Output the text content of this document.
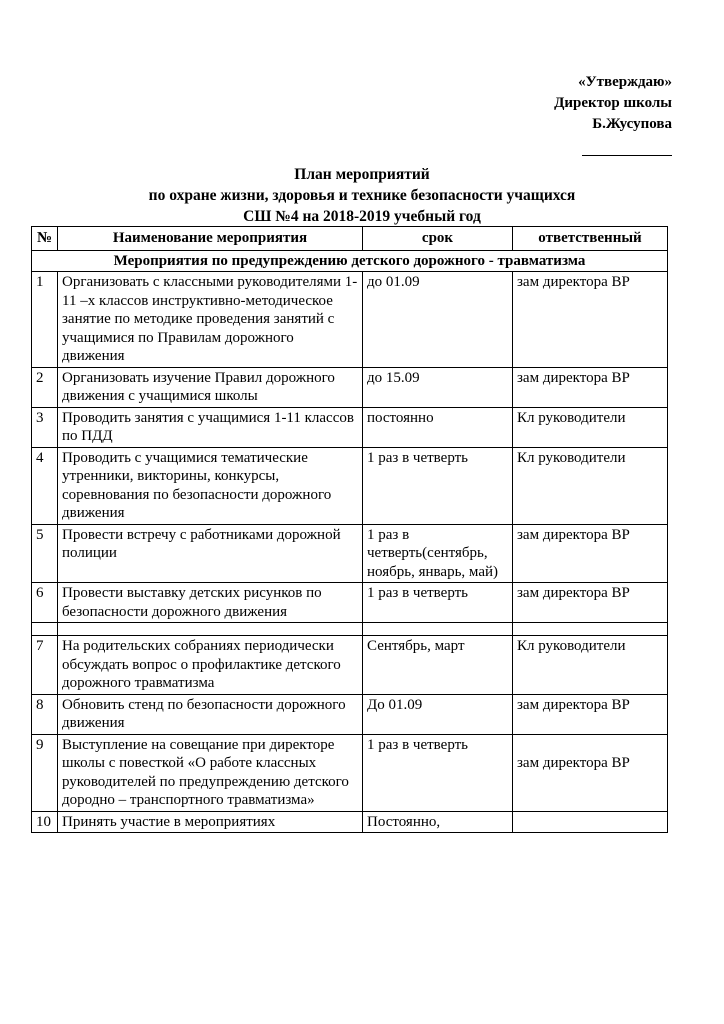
«Утверждаю»
Директор школы
Б.Жусупова
План мероприятий
по охране жизни, здоровья и технике безопасности учащихся
СШ №4 на 2018-2019 учебный год
№	Наименование мероприятия	срок	ответственный
Мероприятия по предупреждению детского дорожного - травматизма			
1	Организовать с классными руководителями 1-11 –х классов инструктивно-методическое занятие по методике проведения занятий с учащимися по Правилам дорожного движения	до 01.09	зам директора ВР
2	Организовать изучение Правил дорожного движения с учащимися школы	до 15.09	зам директора ВР
3	Проводить занятия с учащимися 1-11 классов по ПДД	постоянно	Кл руководители
4	Проводить с учащимися тематические утренники, викторины, конкурсы, соревнования по безопасности дорожного движения	1 раз в четверть	Кл руководители
5	Провести встречу с работниками дорожной полиции	1 раз в четверть(сентябрь, ноябрь, январь, май)	зам директора ВР
6	Провести выставку детских рисунков по безопасности дорожного движения	1 раз в четверть	зам директора ВР

7	На родительских собраниях периодически обсуждать вопрос о профилактике детского дорожного травматизма	Сентябрь, март	Кл руководители
8	Обновить стенд по безопасности дорожного движения	До 01.09	зам директора ВР
9	Выступление на совещание при директоре школы с повесткой «О работе классных руководителей по предупреждению детского дородно – транспортного травматизма»	1 раз в четверть	зам директора ВР
10	Принять участие в мероприятиях	Постоянно,	
